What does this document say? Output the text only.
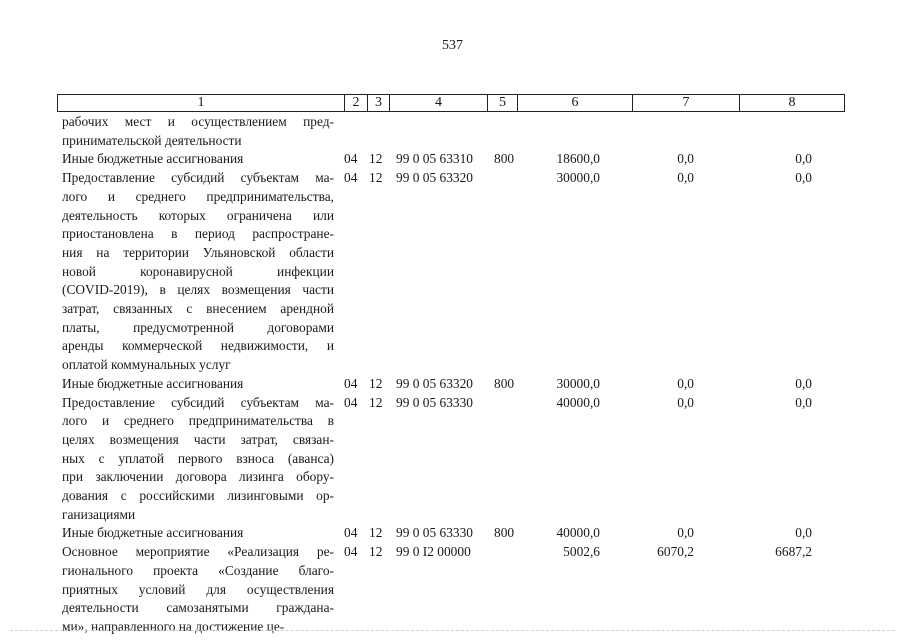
537
1	2	3	4	5	6	7	8
рабочих мест и осуществлением пред-
принимательской деятельности
Иные бюджетные ассигнования	04 12 99 0 05 63310 800	18600,0	0,0	0,0
Предоставление субсидий субъектам ма-
лого и среднего предпринимательства,
деятельность которых ограничена или
приостановлена в период распростране-
ния на территории Ульяновской области
новой коронавирусной инфекции
(COVID-2019), в целях возмещения части
затрат, связанных с внесением арендной
платы, предусмотренной договорами
аренды коммерческой недвижимости, и
оплатой коммунальных услуг
04 12 99 0 05 63320	30000,0	0,0	0,0
Иные бюджетные ассигнования	04 12 99 0 05 63320 800	30000,0	0,0	0,0
Предоставление субсидий субъектам ма-
лого и среднего предпринимательства в
целях возмещения части затрат, связан-
ных с уплатой первого взноса (аванса)
при заключении договора лизинга обору-
дования с российскими лизинговыми ор-
ганизациями
04 12 99 0 05 63330	40000,0	0,0	0,0
Иные бюджетные ассигнования	04 12 99 0 05 63330 800	40000,0	0,0	0,0
Основное мероприятие «Реализация ре-
гионального проекта «Создание благо-
приятных условий для осуществления
деятельности самозанятыми граждана-
ми», направленного на достижение це-
04 12 99 0 I2 00000	5002,6	6070,2	6687,2
